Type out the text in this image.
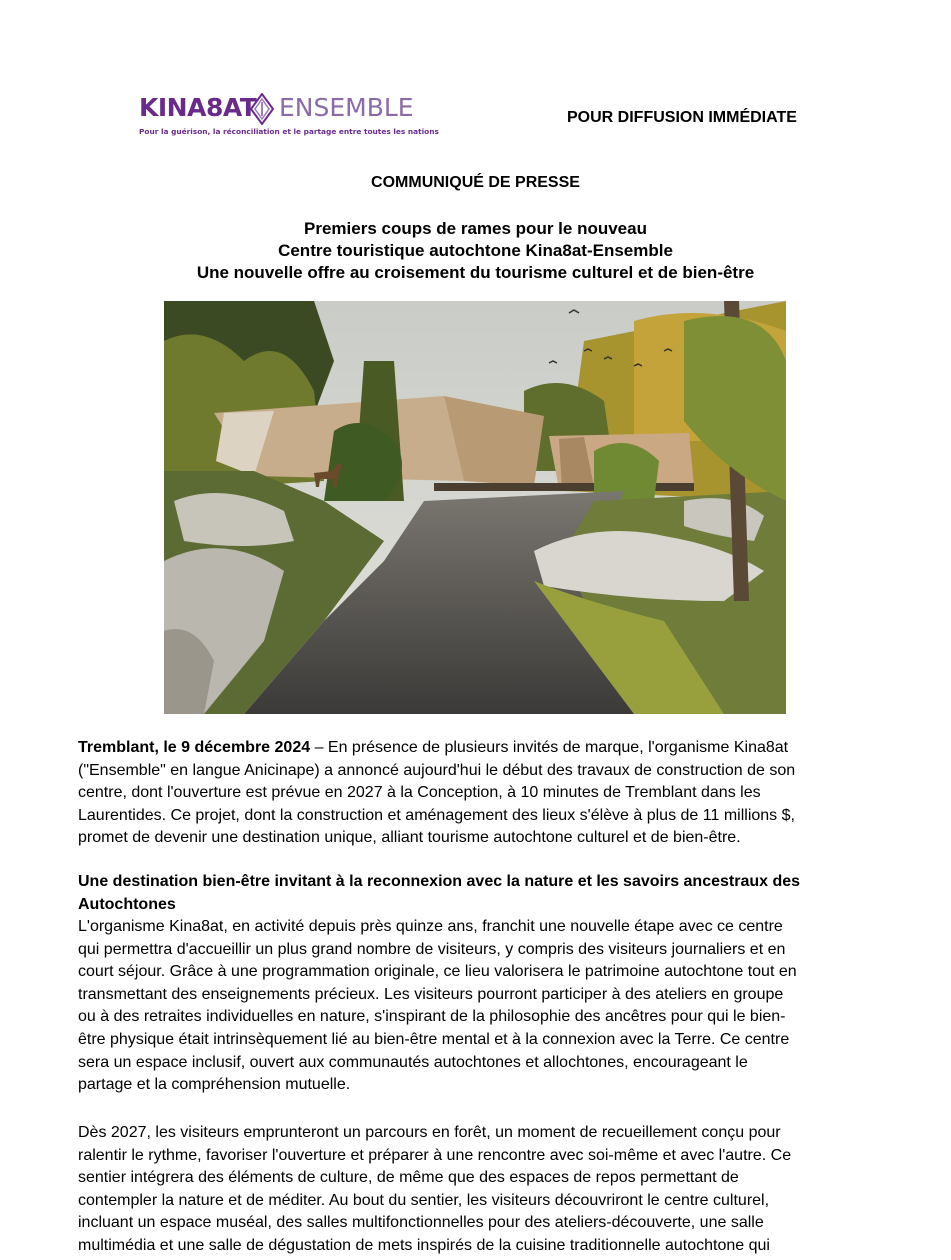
KINA8AT ENSEMBLE
Pour la guérison, la réconciliation et le partage entre toutes les nations
POUR DIFFUSION IMMÉDIATE
COMMUNIQUÉ DE PRESSE
Premiers coups de rames pour le nouveau
Centre touristique autochtone Kina8at-Ensemble
Une nouvelle offre au croisement du tourisme culturel et de bien-être
Tremblant, le 9 décembre 2024 – En présence de plusieurs invités de marque, l'organisme Kina8at
("Ensemble" en langue Anicinape) a annoncé aujourd'hui le début des travaux de construction de son
centre, dont l'ouverture est prévue en 2027 à la Conception, à 10 minutes de Tremblant dans les
Laurentides. Ce projet, dont la construction et aménagement des lieux s'élève à plus de 11 millions $,
promet de devenir une destination unique, alliant tourisme autochtone culturel et de bien-être.
Une destination bien-être invitant à la reconnexion avec la nature et les savoirs ancestraux des
Autochtones
L'organisme Kina8at, en activité depuis près quinze ans, franchit une nouvelle étape avec ce centre
qui permettra d'accueillir un plus grand nombre de visiteurs, y compris des visiteurs journaliers et en
court séjour. Grâce à une programmation originale, ce lieu valorisera le patrimoine autochtone tout en
transmettant des enseignements précieux. Les visiteurs pourront participer à des ateliers en groupe
ou à des retraites individuelles en nature, s'inspirant de la philosophie des ancêtres pour qui le bien-
être physique était intrinsèquement lié au bien-être mental et à la connexion avec la Terre. Ce centre
sera un espace inclusif, ouvert aux communautés autochtones et allochtones, encourageant le
partage et la compréhension mutuelle.
Dès 2027, les visiteurs emprunteront un parcours en forêt, un moment de recueillement conçu pour
ralentir le rythme, favoriser l'ouverture et préparer à une rencontre avec soi-même et avec l'autre. Ce
sentier intégrera des éléments de culture, de même que des espaces de repos permettant de
contempler la nature et de méditer. Au bout du sentier, les visiteurs découvriront le centre culturel,
incluant un espace muséal, des salles multifonctionnelles pour des ateliers-découverte, une salle
multimédia et une salle de dégustation de mets inspirés de la cuisine traditionnelle autochtone qui
